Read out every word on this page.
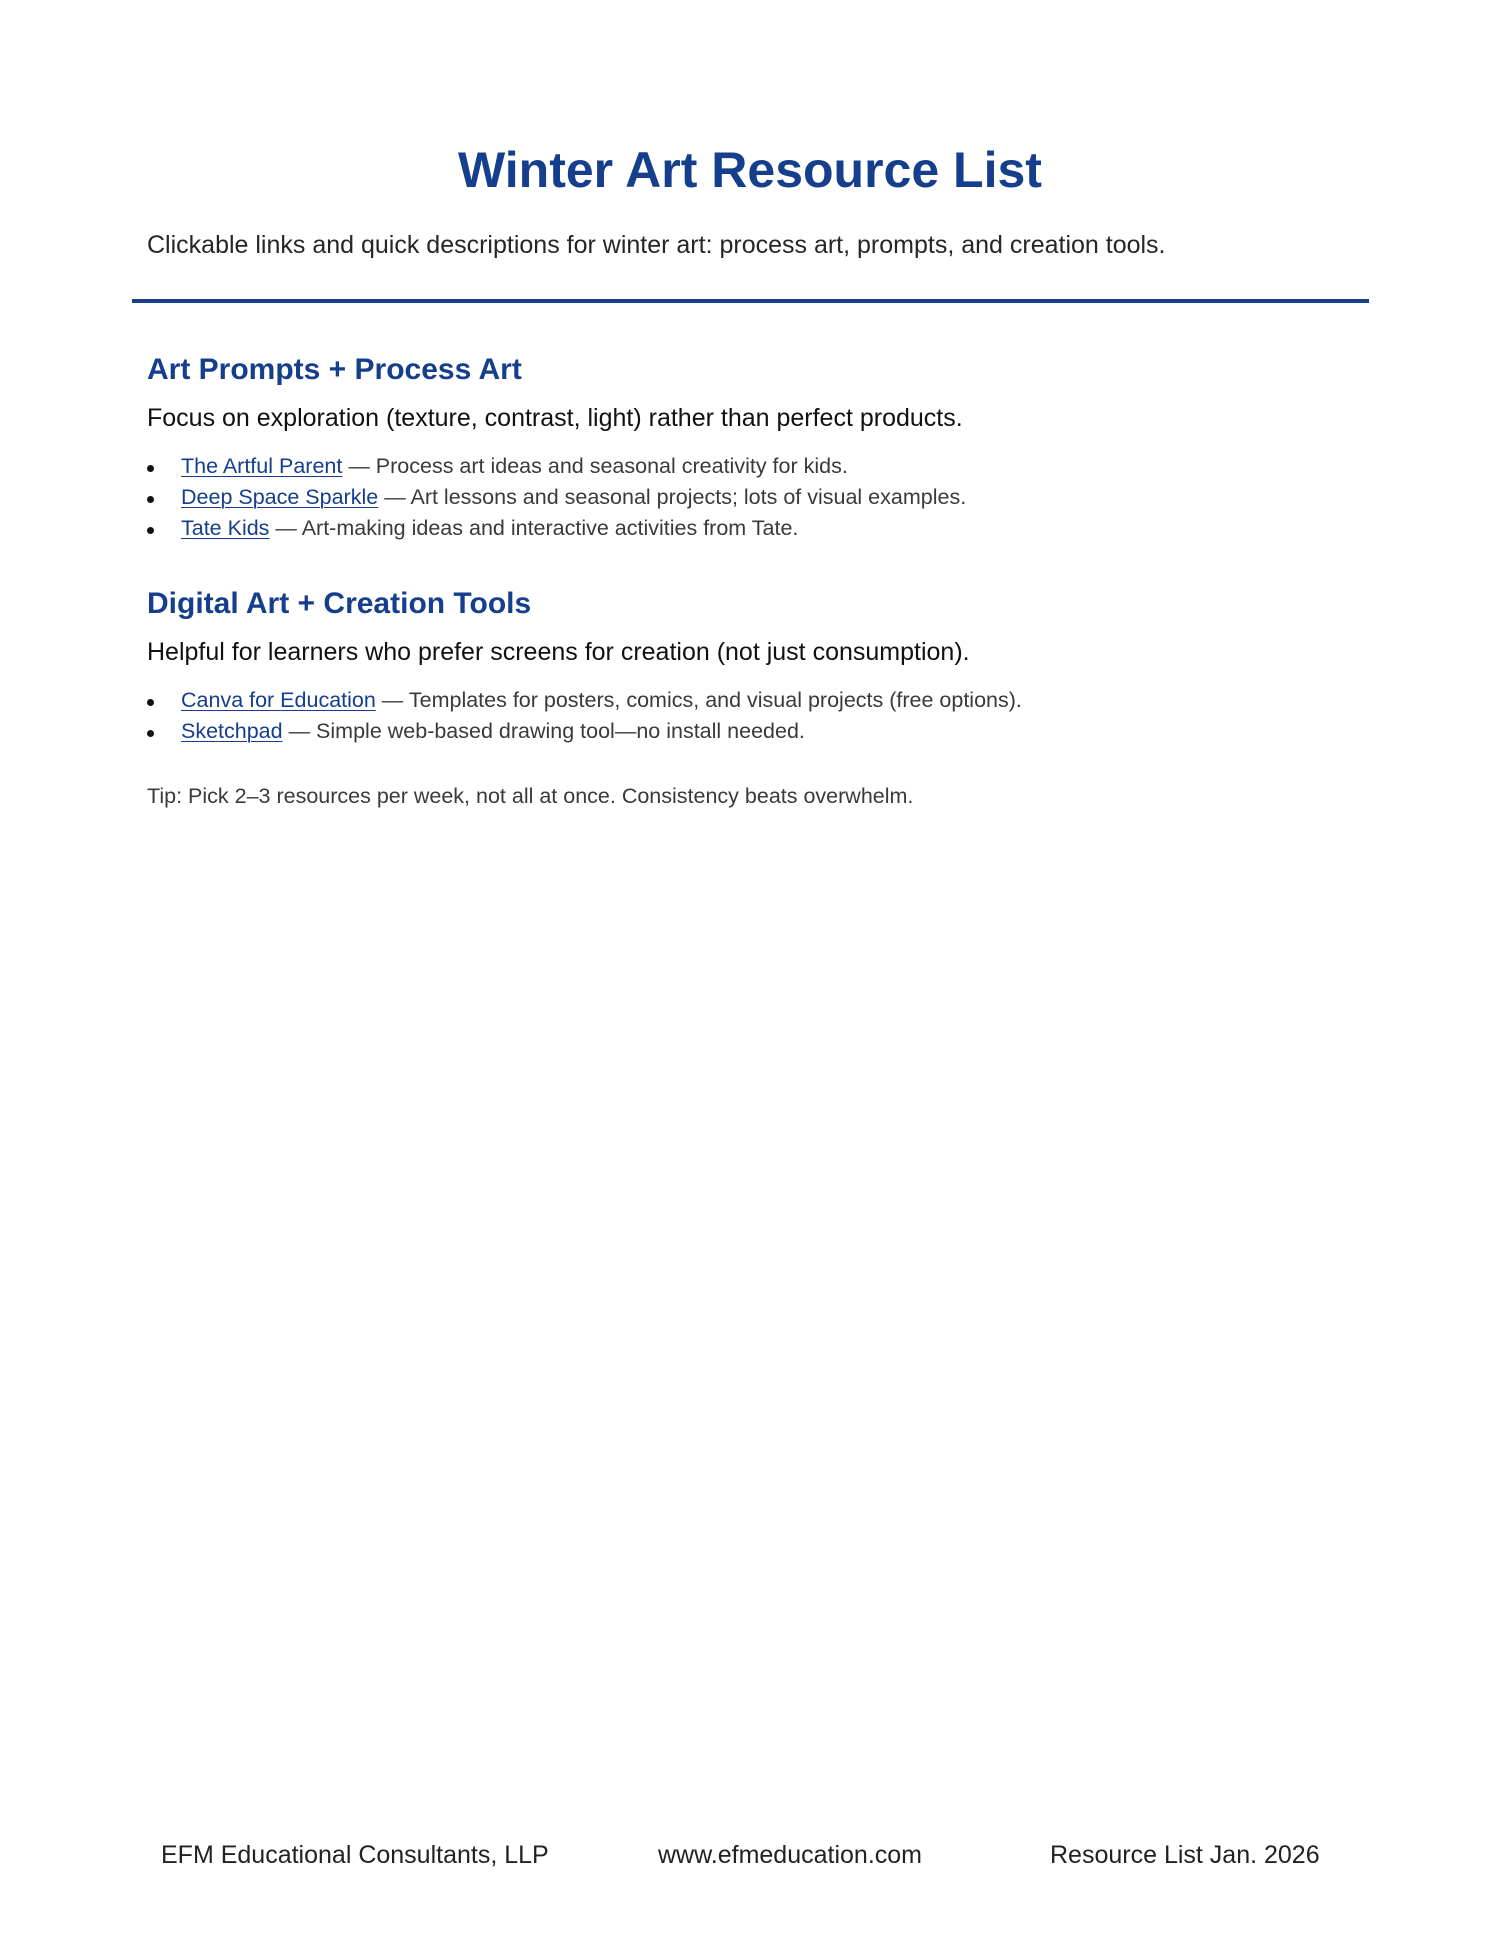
Winter Art Resource List

Clickable links and quick descriptions for winter art: process art, prompts, and creation tools.

Art Prompts + Process Art

Focus on exploration (texture, contrast, light) rather than perfect products.

The Artful Parent — Process art ideas and seasonal creativity for kids.
Deep Space Sparkle — Art lessons and seasonal projects; lots of visual examples.
Tate Kids — Art-making ideas and interactive activities from Tate.
Digital Art + Creation Tools

Helpful for learners who prefer screens for creation (not just consumption).

Canva for Education — Templates for posters, comics, and visual projects (free options).
Sketchpad — Simple web-based drawing tool—no install needed.

Tip: Pick 2–3 resources per week, not all at once. Consistency beats overwhelm.

EFM Educational Consultants, LLP	www.efmeducation.com	Resource List Jan. 2026
